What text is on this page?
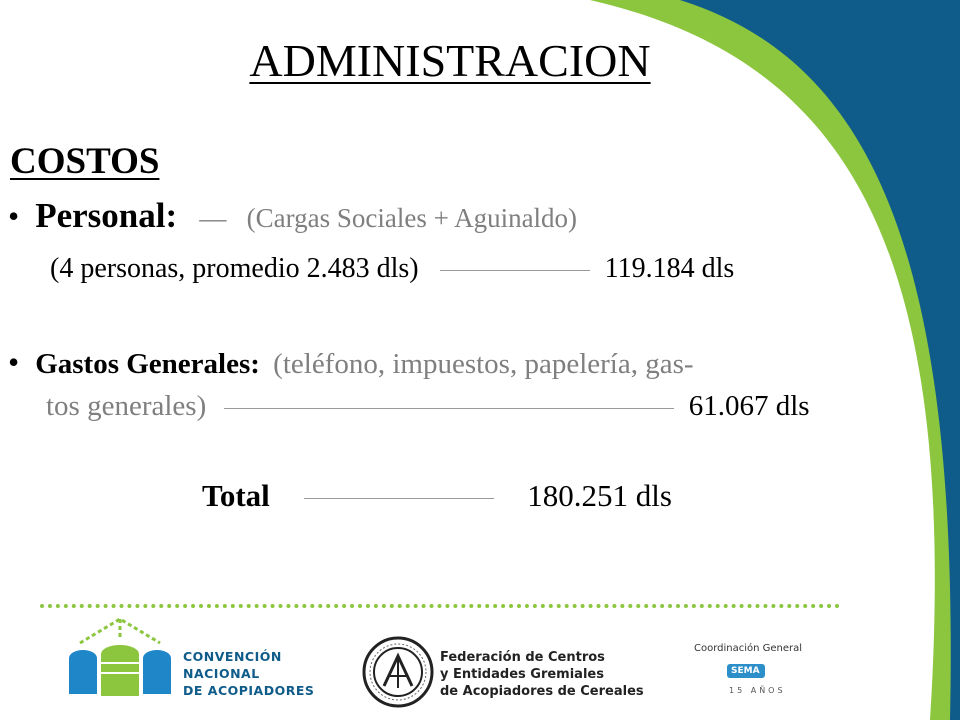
ADMINISTRACION
COSTOS
• Personal: — (Cargas Sociales + Aguinaldo)
(4 personas, promedio 2.483 dls)	119.184 dls
• Gastos Generales: (teléfono, impuestos, papelería, gas-
tos generales)	61.067 dls
Total	180.251 dls
CONVENCIÓN
NACIONAL
DE ACOPIADORES
Federación de Centros
y Entidades Gremiales
de Acopiadores de Cereales
Coordinación General
SEMA
15 AÑOS
